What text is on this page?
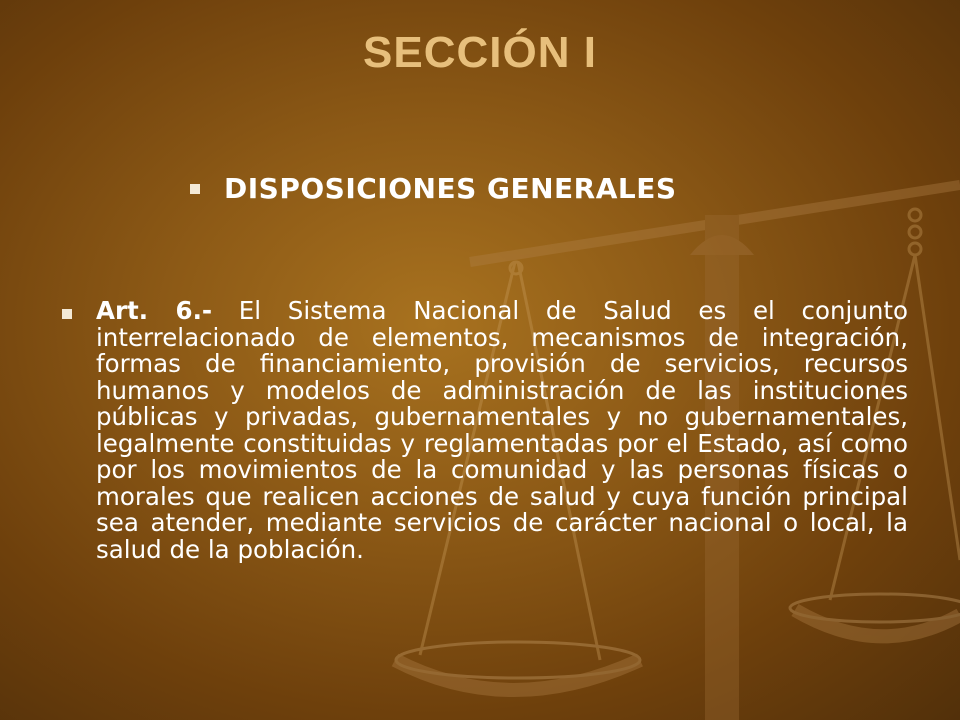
SECCIÓN I
DISPOSICIONES GENERALES
Art. 6.- El Sistema Nacional de Salud es el conjunto interrelacionado de elementos, mecanismos de integración, formas de financiamiento, provisión de servicios, recursos humanos y modelos de administración de las instituciones públicas y privadas, gubernamentales y no gubernamentales, legalmente constituidas y reglamentadas por el Estado, así como por los movimientos de la comunidad y las personas físicas o morales que realicen acciones de salud y cuya función principal sea atender, mediante servicios de carácter nacional o local, la salud de la población.
